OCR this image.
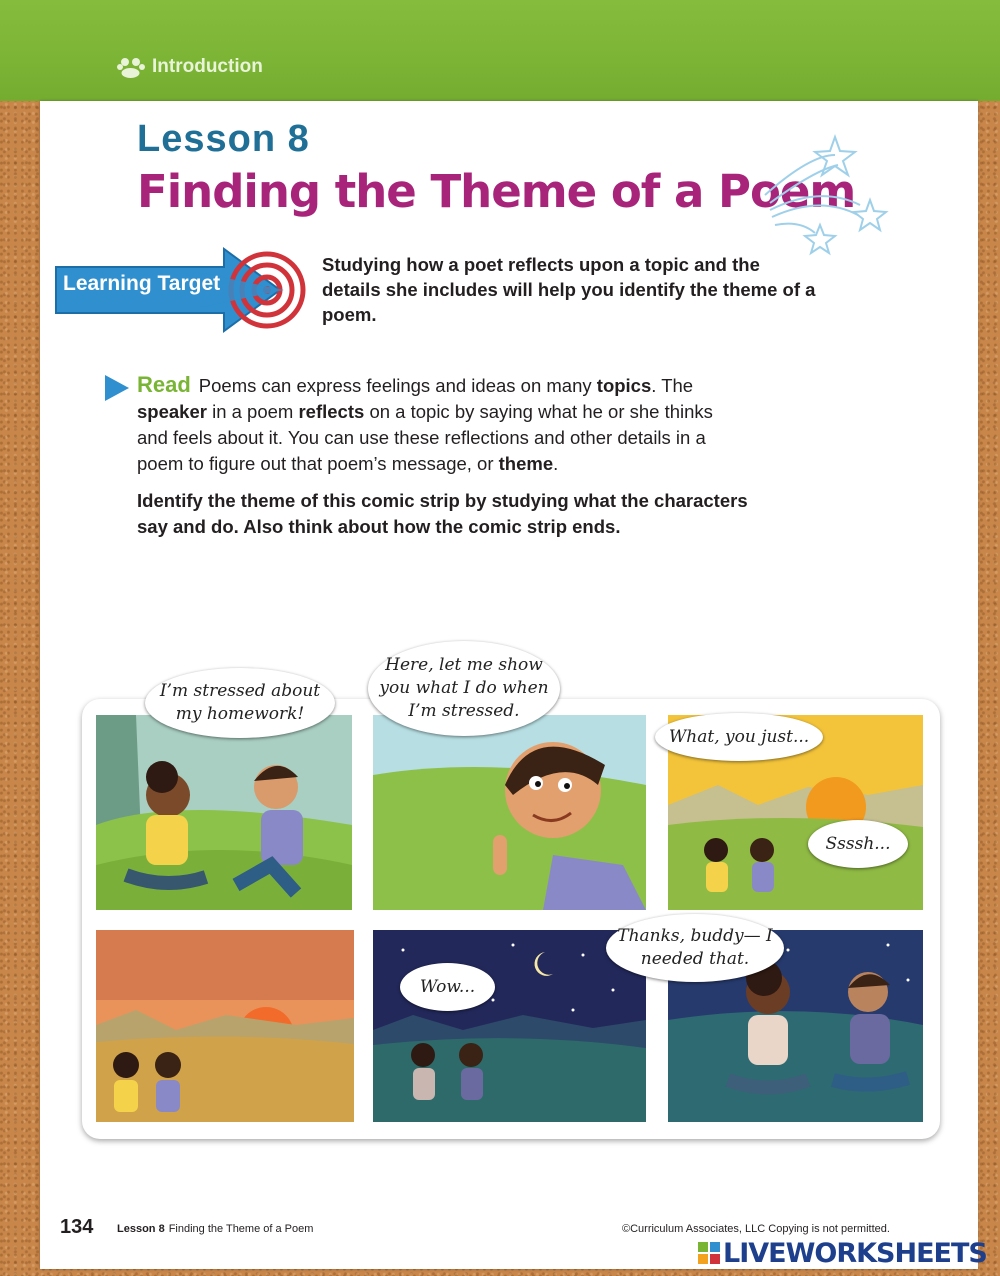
Introduction
Lesson 8
Finding the Theme of a Poem
Learning Target
Studying how a poet reflects upon a topic and the details she includes will help you identify the theme of a poem.
Read Poems can express feelings and ideas on many topics. The speaker in a poem reflects on a topic by saying what he or she thinks and feels about it. You can use these reflections and other details in a poem to figure out that poem’s message, or theme.
Identify the theme of this comic strip by studying what the characters say and do. Also think about how the comic strip ends.
I’m stressed about my homework!
Here, let me show you what I do when I’m stressed.
What, you just...
Ssssh...
Wow...
Thanks, buddy— I needed that.
134 Lesson 8 Finding the Theme of a Poem	©Curriculum Associates, LLC Copying is not permitted.
LIVEWORKSHEETS
